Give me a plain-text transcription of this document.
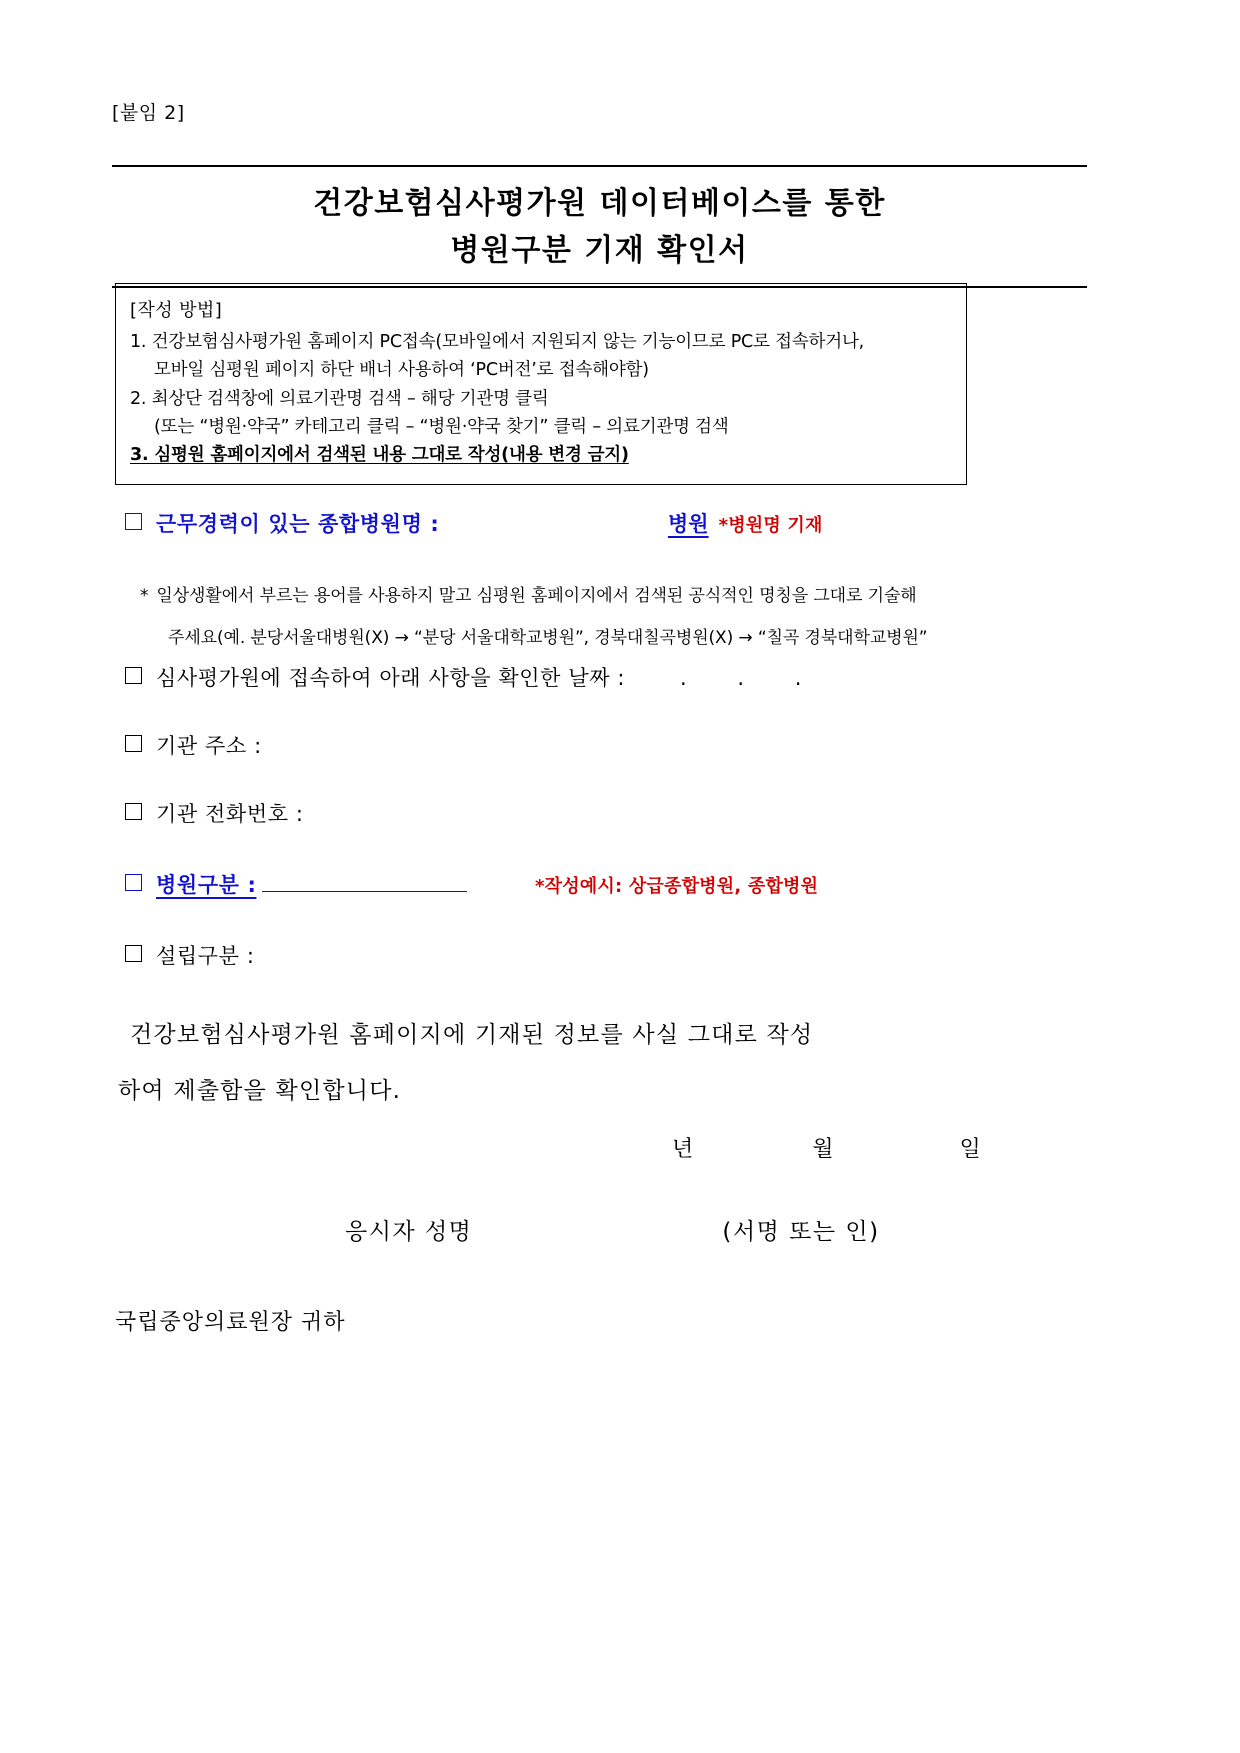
[붙임 2]
건강보험심사평가원 데이터베이스를 통한
병원구분 기재 확인서
[작성 방법]
1. 건강보험심사평가원 홈페이지 PC접속(모바일에서 지원되지 않는 기능이므로 PC로 접속하거나,
모바일 심평원 페이지 하단 배너 사용하여 ‘PC버전’로 접속해야함)
2. 최상단 검색창에 의료기관명 검색 – 해당 기관명 클릭
(또는 “병원·약국” 카테고리 클릭 – “병원·약국 찾기” 클릭 – 의료기관명 검색
3. 심평원 홈페이지에서 검색된 내용 그대로 작성(내용 변경 금지)
근무경력이 있는 종합병원명 :	병원 *병원명 기재
* 일상생활에서 부르는 용어를 사용하지 말고 심평원 홈페이지에서 검색된 공식적인 명칭을 그대로 기술해
주세요(예. 분당서울대병원(X) → “분당 서울대학교병원”, 경북대칠곡병원(X) → “칠곡 경북대학교병원”
심사평가원에 접속하여 아래 사항을 확인한 날짜 :	. . .
기관 주소 :
기관 전화번호 :
병원구분 :	*작성예시: 상급종합병원, 종합병원
설립구분 :
건강보험심사평가원 홈페이지에 기재된 정보를 사실 그대로 작성
하여 제출함을 확인합니다.
년	월	일
응시자 성명	(서명 또는 인)
국립중앙의료원장 귀하
